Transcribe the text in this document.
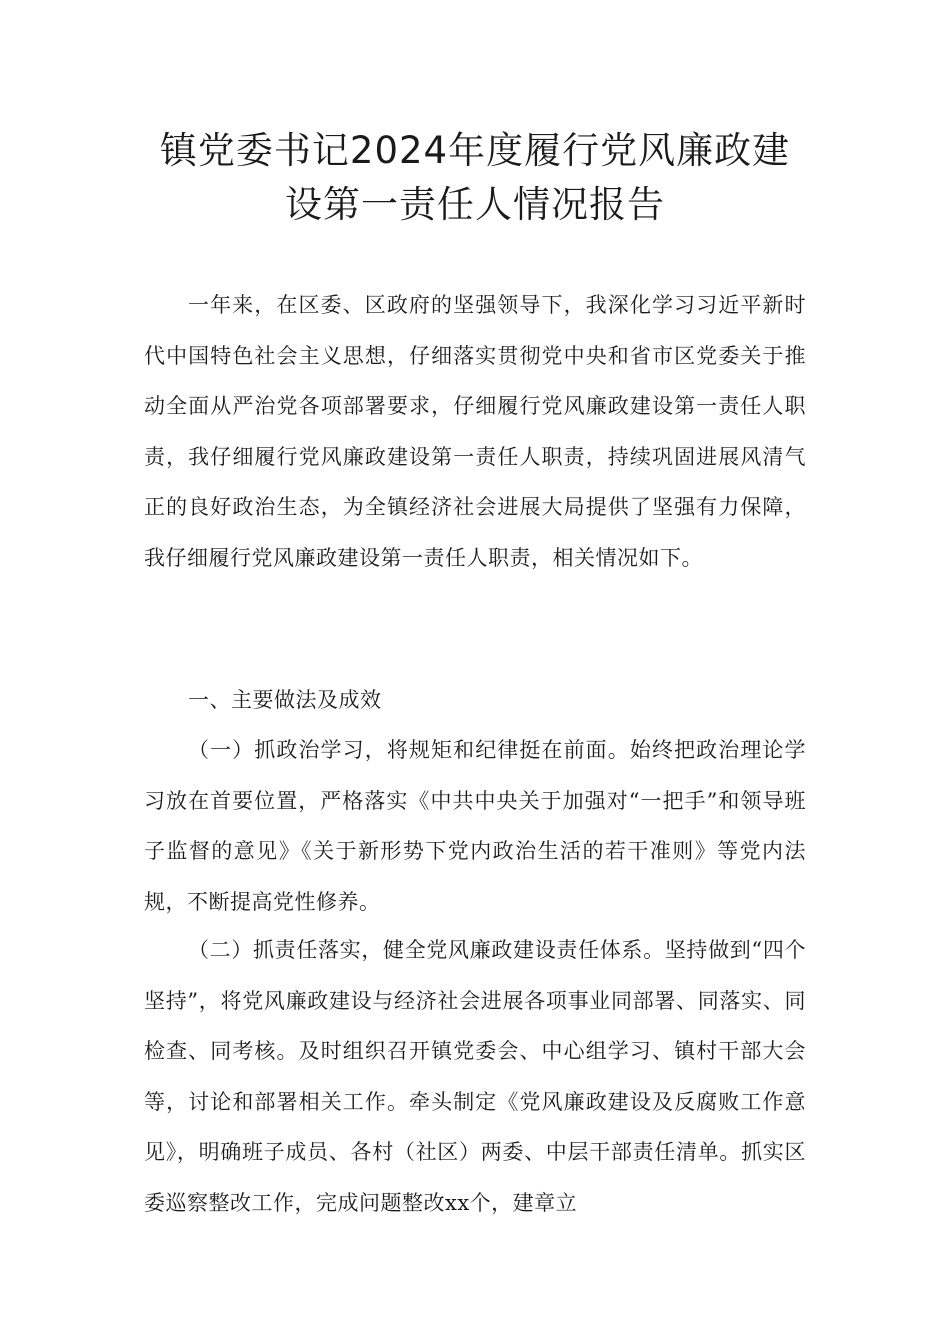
镇党委书记2024年度履行党风廉政建
设第一责任人情况报告

一年来，在区委、区政府的坚强领导下，我深化学习习近平新时代中国特色社会主义思想，仔细落实贯彻党中央和省市区党委关于推动全面从严治党各项部署要求，仔细履行党风廉政建设第一责任人职责，我仔细履行党风廉政建设第一责任人职责，持续巩固进展风清气正的良好政治生态，为全镇经济社会进展大局提供了坚强有力保障，我仔细履行党风廉政建设第一责任人职责，相关情况如下。

一、主要做法及成效

（一）抓政治学习，将规矩和纪律挺在前面。始终把政治理论学习放在首要位置，严格落实《中共中央关于加强对“一把手”和领导班子监督的意见》《关于新形势下党内政治生活的若干准则》等党内法规，不断提高党性修养。

（二）抓责任落实，健全党风廉政建设责任体系。坚持做到“四个坚持”，将党风廉政建设与经济社会进展各项事业同部署、同落实、同检查、同考核。及时组织召开镇党委会、中心组学习、镇村干部大会等，讨论和部署相关工作。牵头制定《党风廉政建设及反腐败工作意见》，明确班子成员、各村（社区）两委、中层干部责任清单。抓实区委巡察整改工作，完成问题整改xx个，建章立
